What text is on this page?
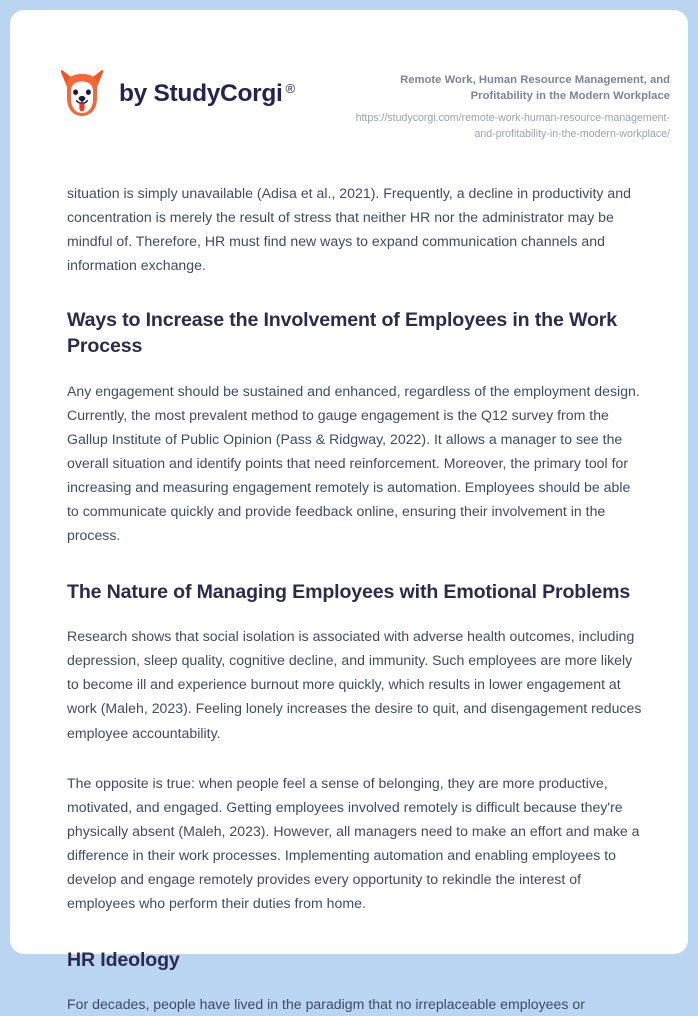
by StudyCorgi ®
Remote Work, Human Resource Management, and Profitability in the Modern Workplace
https://studycorgi.com/remote-work-human-resource-management-and-profitability-in-the-modern-workplace/

situation is simply unavailable (Adisa et al., 2021). Frequently, a decline in productivity and concentration is merely the result of stress that neither HR nor the administrator may be mindful of. Therefore, HR must find new ways to expand communication channels and information exchange.

Ways to Increase the Involvement of Employees in the Work Process

Any engagement should be sustained and enhanced, regardless of the employment design. Currently, the most prevalent method to gauge engagement is the Q12 survey from the Gallup Institute of Public Opinion (Pass & Ridgway, 2022). It allows a manager to see the overall situation and identify points that need reinforcement. Moreover, the primary tool for increasing and measuring engagement remotely is automation. Employees should be able to communicate quickly and provide feedback online, ensuring their involvement in the process.

The Nature of Managing Employees with Emotional Problems

Research shows that social isolation is associated with adverse health outcomes, including depression, sleep quality, cognitive decline, and immunity. Such employees are more likely to become ill and experience burnout more quickly, which results in lower engagement at work (Maleh, 2023). Feeling lonely increases the desire to quit, and disengagement reduces employee accountability.

The opposite is true: when people feel a sense of belonging, they are more productive, motivated, and engaged. Getting employees involved remotely is difficult because they're physically absent (Maleh, 2023). However, all managers need to make an effort and make a difference in their work processes. Implementing automation and enabling employees to develop and engage remotely provides every opportunity to rekindle the interest of employees who perform their duties from home.

HR Ideology

For decades, people have lived in the paradigm that no irreplaceable employees or
